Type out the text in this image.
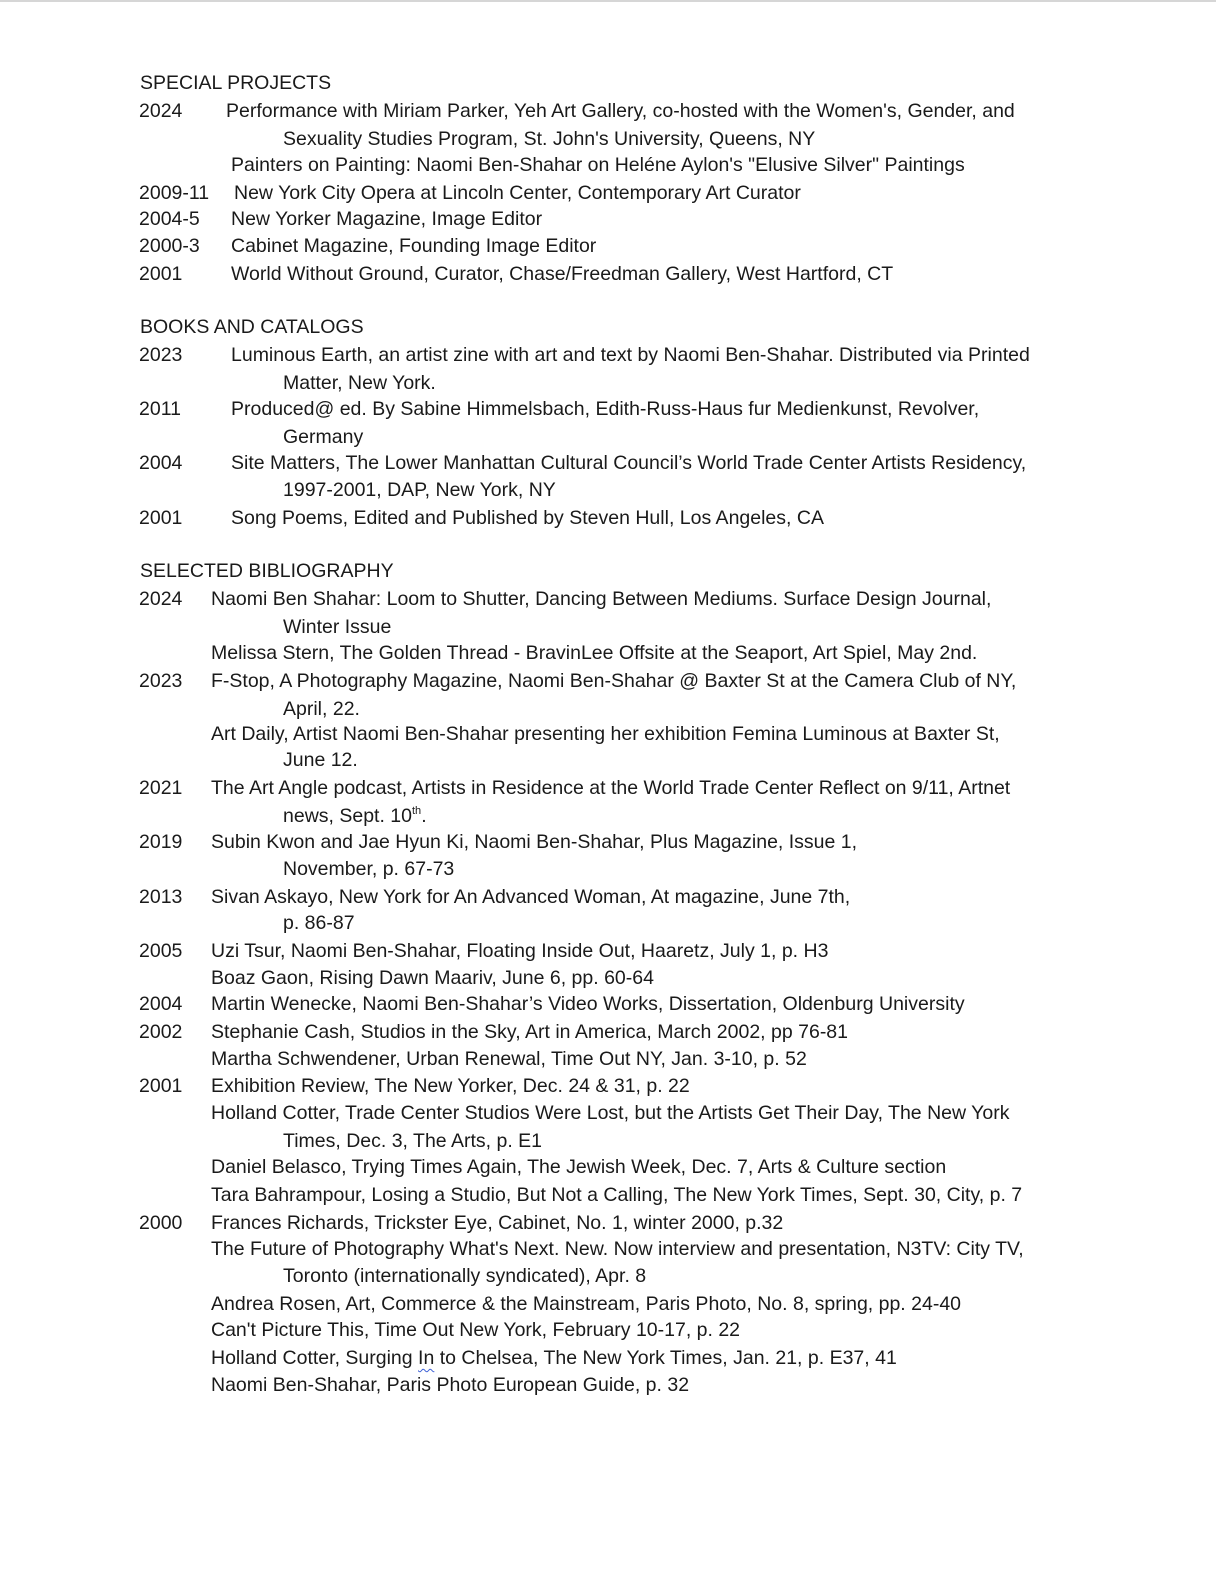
SPECIAL PROJECTS
2024 Performance with Miriam Parker, Yeh Art Gallery, co-hosted with the Women's, Gender, and
Sexuality Studies Program, St. John's University, Queens, NY
Painters on Painting: Naomi Ben-Shahar on Heléne Aylon's "Elusive Silver" Paintings
2009-11 New York City Opera at Lincoln Center, Contemporary Art Curator
2004-5 New Yorker Magazine, Image Editor
2000-3 Cabinet Magazine, Founding Image Editor
2001 World Without Ground, Curator, Chase/Freedman Gallery, West Hartford, CT
BOOKS AND CATALOGS
2023 Luminous Earth, an artist zine with art and text by Naomi Ben-Shahar. Distributed via Printed
Matter, New York.
2011	Produced@ ed. By Sabine Himmelsbach, Edith-Russ-Haus fur Medienkunst, Revolver,
Germany
2004 Site Matters, The Lower Manhattan Cultural Council’s World Trade Center Artists Residency,
1997-2001, DAP, New York, NY
2001 Song Poems, Edited and Published by Steven Hull, Los Angeles, CA
SELECTED BIBLIOGRAPHY
2024 Naomi Ben Shahar: Loom to Shutter, Dancing Between Mediums. Surface Design Journal,
Winter Issue
Melissa Stern, The Golden Thread - BravinLee Offsite at the Seaport, Art Spiel, May 2nd.
2023 F-Stop, A Photography Magazine, Naomi Ben-Shahar @ Baxter St at the Camera Club of NY,
April, 22.
Art Daily, Artist Naomi Ben-Shahar presenting her exhibition Femina Luminous at Baxter St,
June 12.
2021 The Art Angle podcast, Artists in Residence at the World Trade Center Reflect on 9/11, Artnet
news, Sept. 10th.
2019 Subin Kwon and Jae Hyun Ki, Naomi Ben-Shahar, Plus Magazine, Issue 1,
November, p. 67-73
2013 Sivan Askayo, New York for An Advanced Woman, At magazine, June 7th,
p. 86-87
2005 Uzi Tsur, Naomi Ben-Shahar, Floating Inside Out, Haaretz, July 1, p. H3
Boaz Gaon, Rising Dawn Maariv, June 6, pp. 60-64
2004 Martin Wenecke, Naomi Ben-Shahar’s Video Works, Dissertation, Oldenburg University
2002 Stephanie Cash, Studios in the Sky, Art in America, March 2002, pp 76-81
Martha Schwendener, Urban Renewal, Time Out NY, Jan. 3-10, p. 52
2001 Exhibition Review, The New Yorker, Dec. 24 & 31, p. 22
Holland Cotter, Trade Center Studios Were Lost, but the Artists Get Their Day, The New York
Times, Dec. 3, The Arts, p. E1
Daniel Belasco, Trying Times Again, The Jewish Week, Dec. 7, Arts & Culture section
Tara Bahrampour, Losing a Studio, But Not a Calling, The New York Times, Sept. 30, City, p. 7
2000 Frances Richards, Trickster Eye, Cabinet, No. 1, winter 2000, p.32
The Future of Photography What's Next. New. Now interview and presentation, N3TV: City TV,
Toronto (internationally syndicated), Apr. 8
Andrea Rosen, Art, Commerce & the Mainstream, Paris Photo, No. 8, spring, pp. 24-40
Can't Picture This, Time Out New York, February 10-17, p. 22
Holland Cotter, Surging In to Chelsea, The New York Times, Jan. 21, p. E37, 41
Naomi Ben-Shahar, Paris Photo European Guide, p. 32
